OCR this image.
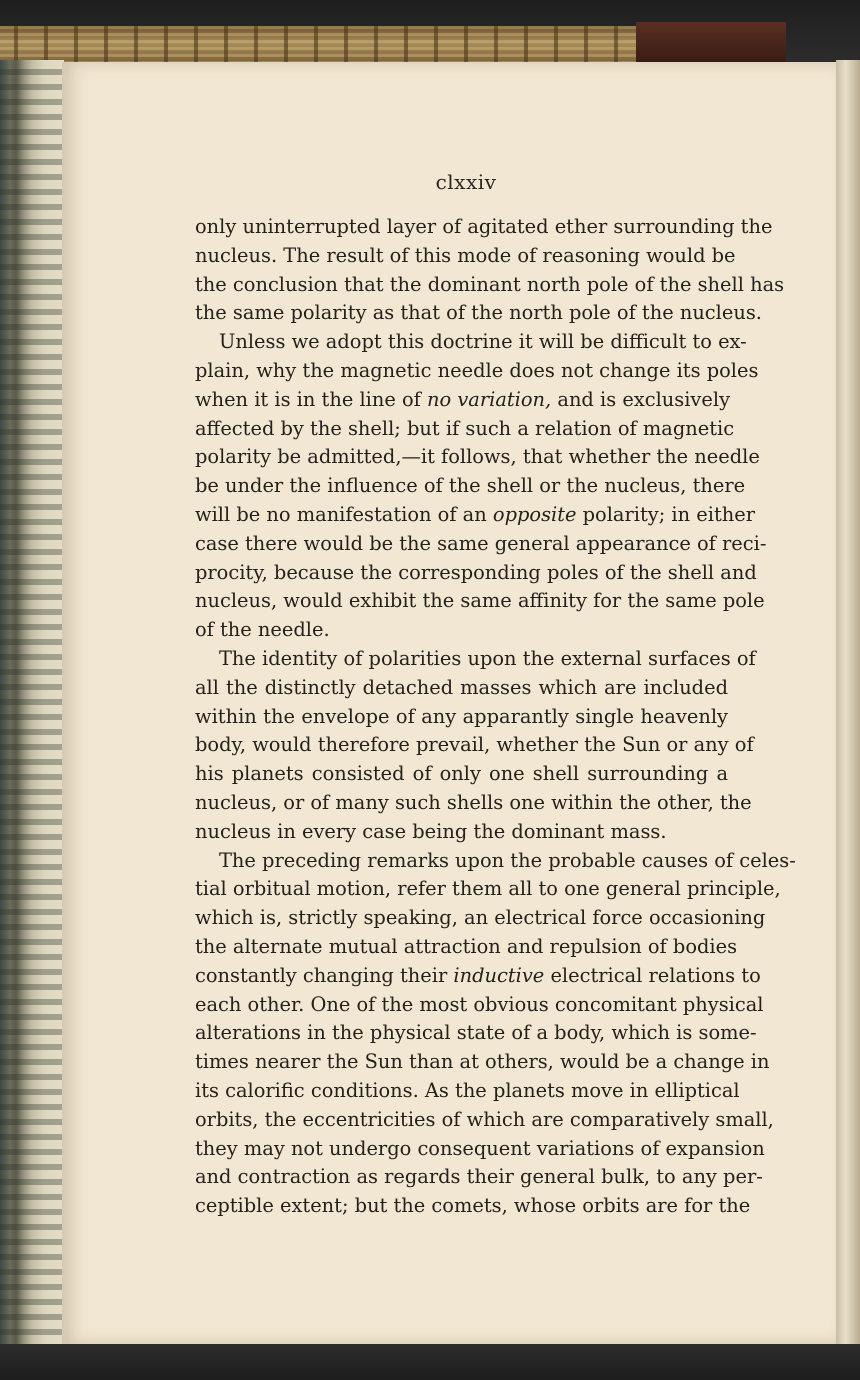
clxxiv
only uninterrupted layer of agitated ether surrounding the
nucleus. The result of this mode of reasoning would be
the conclusion that the dominant north pole of the shell has
the same polarity as that of the north pole of the nucleus.
Unless we adopt this doctrine it will be difficult to ex-
plain, why the magnetic needle does not change its poles
when it is in the line of no variation, and is exclusively
affected by the shell; but if such a relation of magnetic
polarity be admitted,—it follows, that whether the needle
be under the influence of the shell or the nucleus, there
will be no manifestation of an opposite polarity; in either
case there would be the same general appearance of reci-
procity, because the corresponding poles of the shell and
nucleus, would exhibit the same affinity for the same pole
of the needle.
The identity of polarities upon the external surfaces of
all the distinctly detached masses which are included
within the envelope of any apparantly single heavenly
body, would therefore prevail, whether the Sun or any of
his planets consisted of only one shell surrounding a
nucleus, or of many such shells one within the other, the
nucleus in every case being the dominant mass.
The preceding remarks upon the probable causes of celes-
tial orbitual motion, refer them all to one general principle,
which is, strictly speaking, an electrical force occasioning
the alternate mutual attraction and repulsion of bodies
constantly changing their inductive electrical relations to
each other. One of the most obvious concomitant physical
alterations in the physical state of a body, which is some-
times nearer the Sun than at others, would be a change in
its calorific conditions. As the planets move in elliptical
orbits, the eccentricities of which are comparatively small,
they may not undergo consequent variations of expansion
and contraction as regards their general bulk, to any per-
ceptible extent; but the comets, whose orbits are for the
